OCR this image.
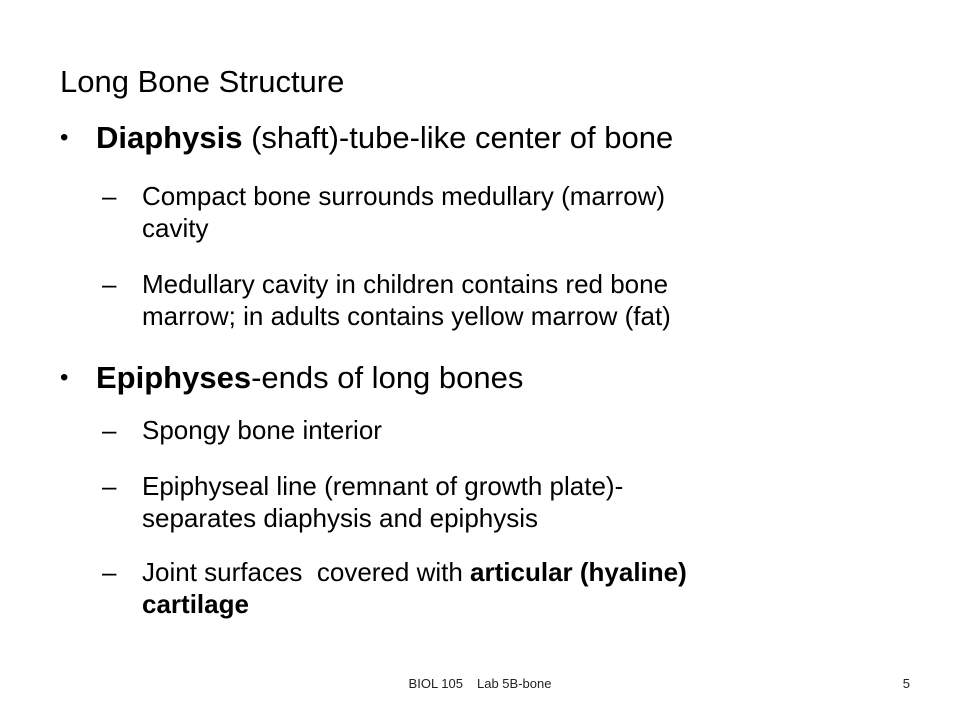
Long Bone Structure
• Diaphysis (shaft)-tube-like center of bone
– Compact bone surrounds medullary (marrow)
cavity
– Medullary cavity in children contains red bone
marrow; in adults contains yellow marrow (fat)
• Epiphyses-ends of long bones
– Spongy bone interior
– Epiphyseal line (remnant of growth plate)-
separates diaphysis and epiphysis
– Joint surfaces  covered with articular (hyaline)
cartilage
BIOL 105 Lab 5B-bone	5
